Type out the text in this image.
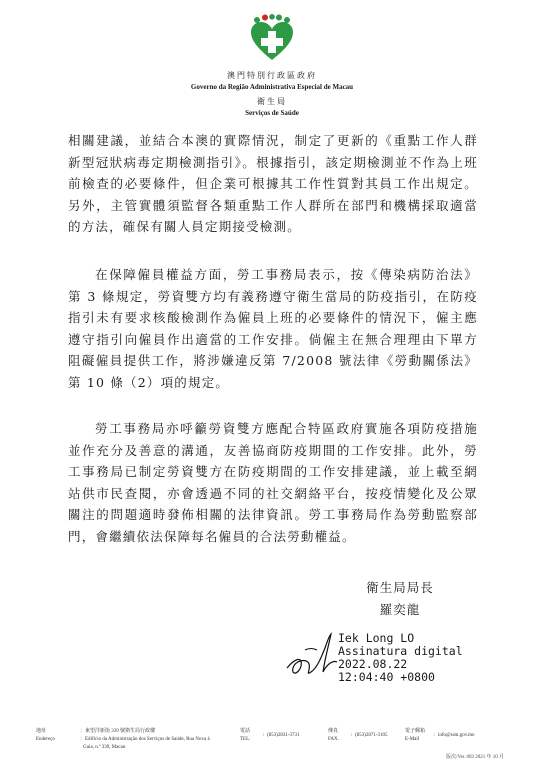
澳門特別行政區政府
Governo da Região Administrativa Especial de Macau
衛生局
Serviços de Saúde

相關建議，並結合本澳的實際情況，制定了更新的《重點工作人群新型冠狀病毒定期檢測指引》。根據指引，該定期檢測並不作為上班前檢查的必要條件，但企業可根據其工作性質對其員工作出規定。另外，主管實體須監督各類重點工作人群所在部門和機構採取適當的方法，確保有關人員定期接受檢測。

在保障僱員權益方面，勞工事務局表示，按《傳染病防治法》第 3 條規定，勞資雙方均有義務遵守衛生當局的防疫指引，在防疫指引未有要求核酸檢測作為僱員上班的必要條件的情況下，僱主應遵守指引向僱員作出適當的工作安排。倘僱主在無合理理由下單方阻礙僱員提供工作，將涉嫌違反第 7/2008 號法律《勞動關係法》第 10 條（2）項的規定。

勞工事務局亦呼籲勞資雙方應配合特區政府實施各項防疫措施並作充分及善意的溝通，友善協商防疫期間的工作安排。此外，勞工事務局已制定勞資雙方在防疫期間的工作安排建議，並上載至網站供市民查閱，亦會透過不同的社交網絡平台，按疫情變化及公眾關注的問題適時發佈相關的法律資訊。勞工事務局作為勞動監察部門，會繼續依法保障每名僱員的合法勞動權益。

衛生局局長
羅奕龍
Iek Long LO
Assinatura digital
2022.08.22
12:04:40 +0800
地址
Endereço
：東望洋新街 339 號衛生局行政樓
：Edifício da Administração dos Serviços de Saúde, Rua Nova à
Guia, n.º 339, Macau
電話
TEL.
：(853)2831-3731
傳真
FAX.
：(853)2871-3105
電子郵箱
E-Mail
：info@ssm.gov.mo
版次/Ver. 003 2021 年 10 月
